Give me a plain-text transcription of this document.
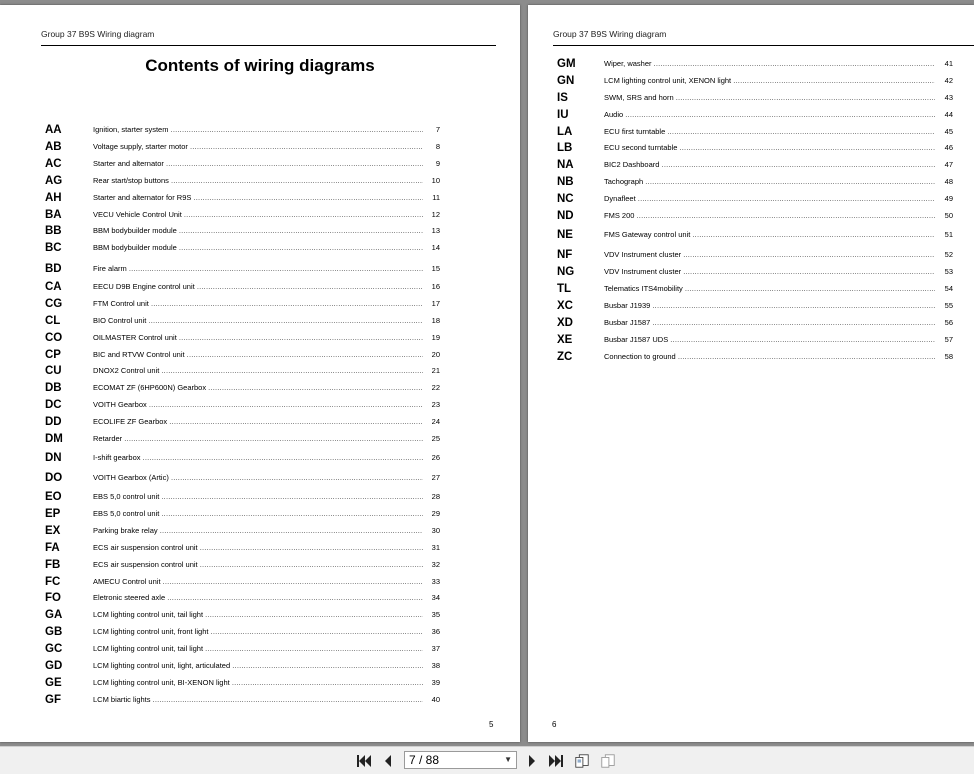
Group 37 B9S Wiring diagram
Contents of wiring diagrams
5
Group 37 B9S Wiring diagram
6
AA	Ignition, starter system .....	7
AB	Voltage supply, starter motor .....	8
AC	Starter and alternator .....	9
AG	Rear start/stop buttons .....	10
AH	Starter and alternator for R9S .....	11
BA	VECU Vehicle Control Unit .....	12
BB	BBM bodybuilder module .....	13
BC	BBM bodybuilder module .....	14
BD	Fire alarm .....	15
CA	EECU D9B Engine control unit .....	16
CG	FTM Control unit .....	17
CL	BIO Control unit .....	18
CO	OILMASTER Control unit .....	19
CP	BIC and RTVW Control unit .....	20
CU	DNOX2 Control unit .....	21
DB	ECOMAT ZF (6HP600N) Gearbox .....	22
DC	VOITH Gearbox .....	23
DD	ECOLIFE ZF Gearbox .....	24
DM	Retarder .....	25
DN	I-shift gearbox .....	26
DO	VOITH Gearbox (Artic) .....	27
EO	EBS 5,0 control unit .....	28
EP	EBS 5,0 control unit .....	29
EX	Parking brake relay .....	30
FA	ECS air suspension control unit .....	31
FB	ECS air suspension control unit .....	32
FC	AMECU Control unit .....	33
FO	Eletronic steered axle .....	34
GA	LCM lighting control unit, tail light .....	35
GB	LCM lighting control unit, front light .....	36
GC	LCM lighting control unit, tail light .....	37
GD	LCM lighting control unit, light, articulated .....	38
GE	LCM lighting control unit, BI-XENON light .....	39
GF	LCM biartic lights .....	40
GM	Wiper, washer .....	41
GN	LCM lighting control unit, XENON light .....	42
IS	SWM, SRS and horn .....	43
IU	Audio .....	44
LA	ECU first turntable .....	45
LB	ECU second turntable .....	46
NA	BIC2 Dashboard .....	47
NB	Tachograph .....	48
NC	Dynafleet .....	49
ND	FMS 200 .....	50
NE	FMS Gateway control unit .....	51
NF	VDV Instrument cluster .....	52
NG	VDV Instrument cluster .....	53
TL	Telematics ITS4mobility .....	54
XC	Busbar J1939 .....	55
XD	Busbar J1587 .....	56
XE	Busbar J1587 UDS .....	57
ZC	Connection to ground .....	58
7 / 88	▼
